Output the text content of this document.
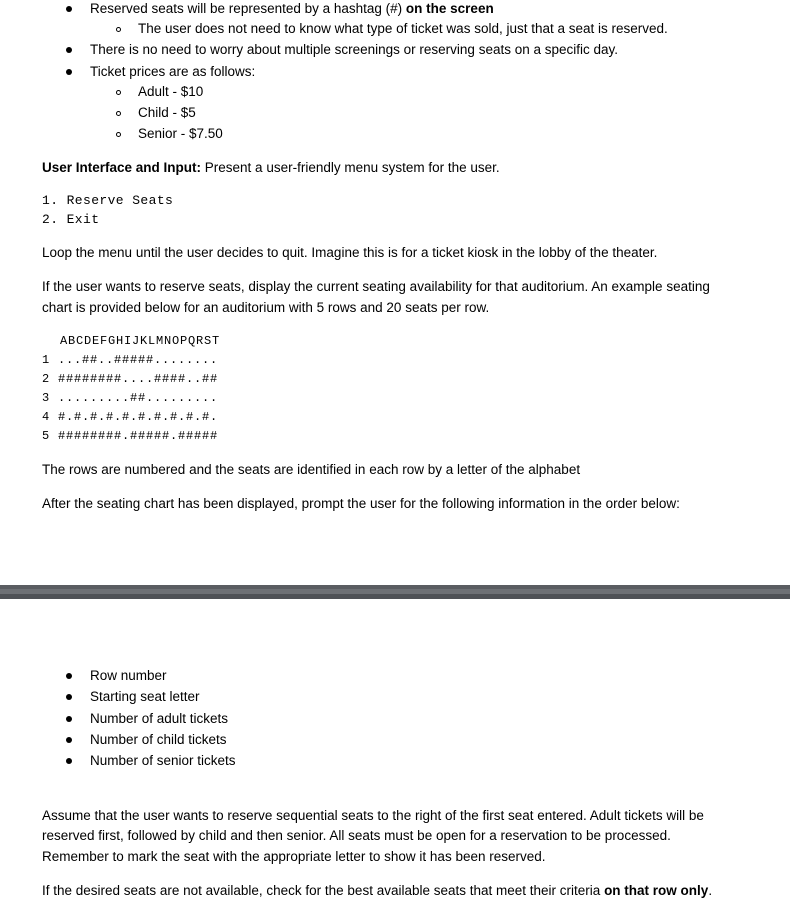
Reserved seats will be represented by a hashtag (#) on the screen
The user does not need to know what type of ticket was sold, just that a seat is reserved.
There is no need to worry about multiple screenings or reserving seats on a specific day.
Ticket prices are as follows:
Adult - $10
Child - $5
Senior - $7.50
User Interface and Input: Present a user-friendly menu system for the user.
1. Reserve Seats
2. Exit
Loop the menu until the user decides to quit. Imagine this is for a ticket kiosk in the lobby of the theater.
If the user wants to reserve seats, display the current seating availability for that auditorium. An example seating
chart is provided below for an auditorium with 5 rows and 20 seats per row.
ABCDEFGHIJKLMNOPQRST
1 ...##..#####........
2 ########....####..##
3 .........##.........
4 #.#.#.#.#.#.#.#.#.#.
5 ########.#####.#####
The rows are numbered and the seats are identified in each row by a letter of the alphabet
After the seating chart has been displayed, prompt the user for the following information in the order below:
Row number
Starting seat letter
Number of adult tickets
Number of child tickets
Number of senior tickets
Assume that the user wants to reserve sequential seats to the right of the first seat entered. Adult tickets will be
reserved first, followed by child and then senior. All seats must be open for a reservation to be processed.
Remember to mark the seat with the appropriate letter to show it has been reserved.
If the desired seats are not available, check for the best available seats that meet their criteria on that row only.
